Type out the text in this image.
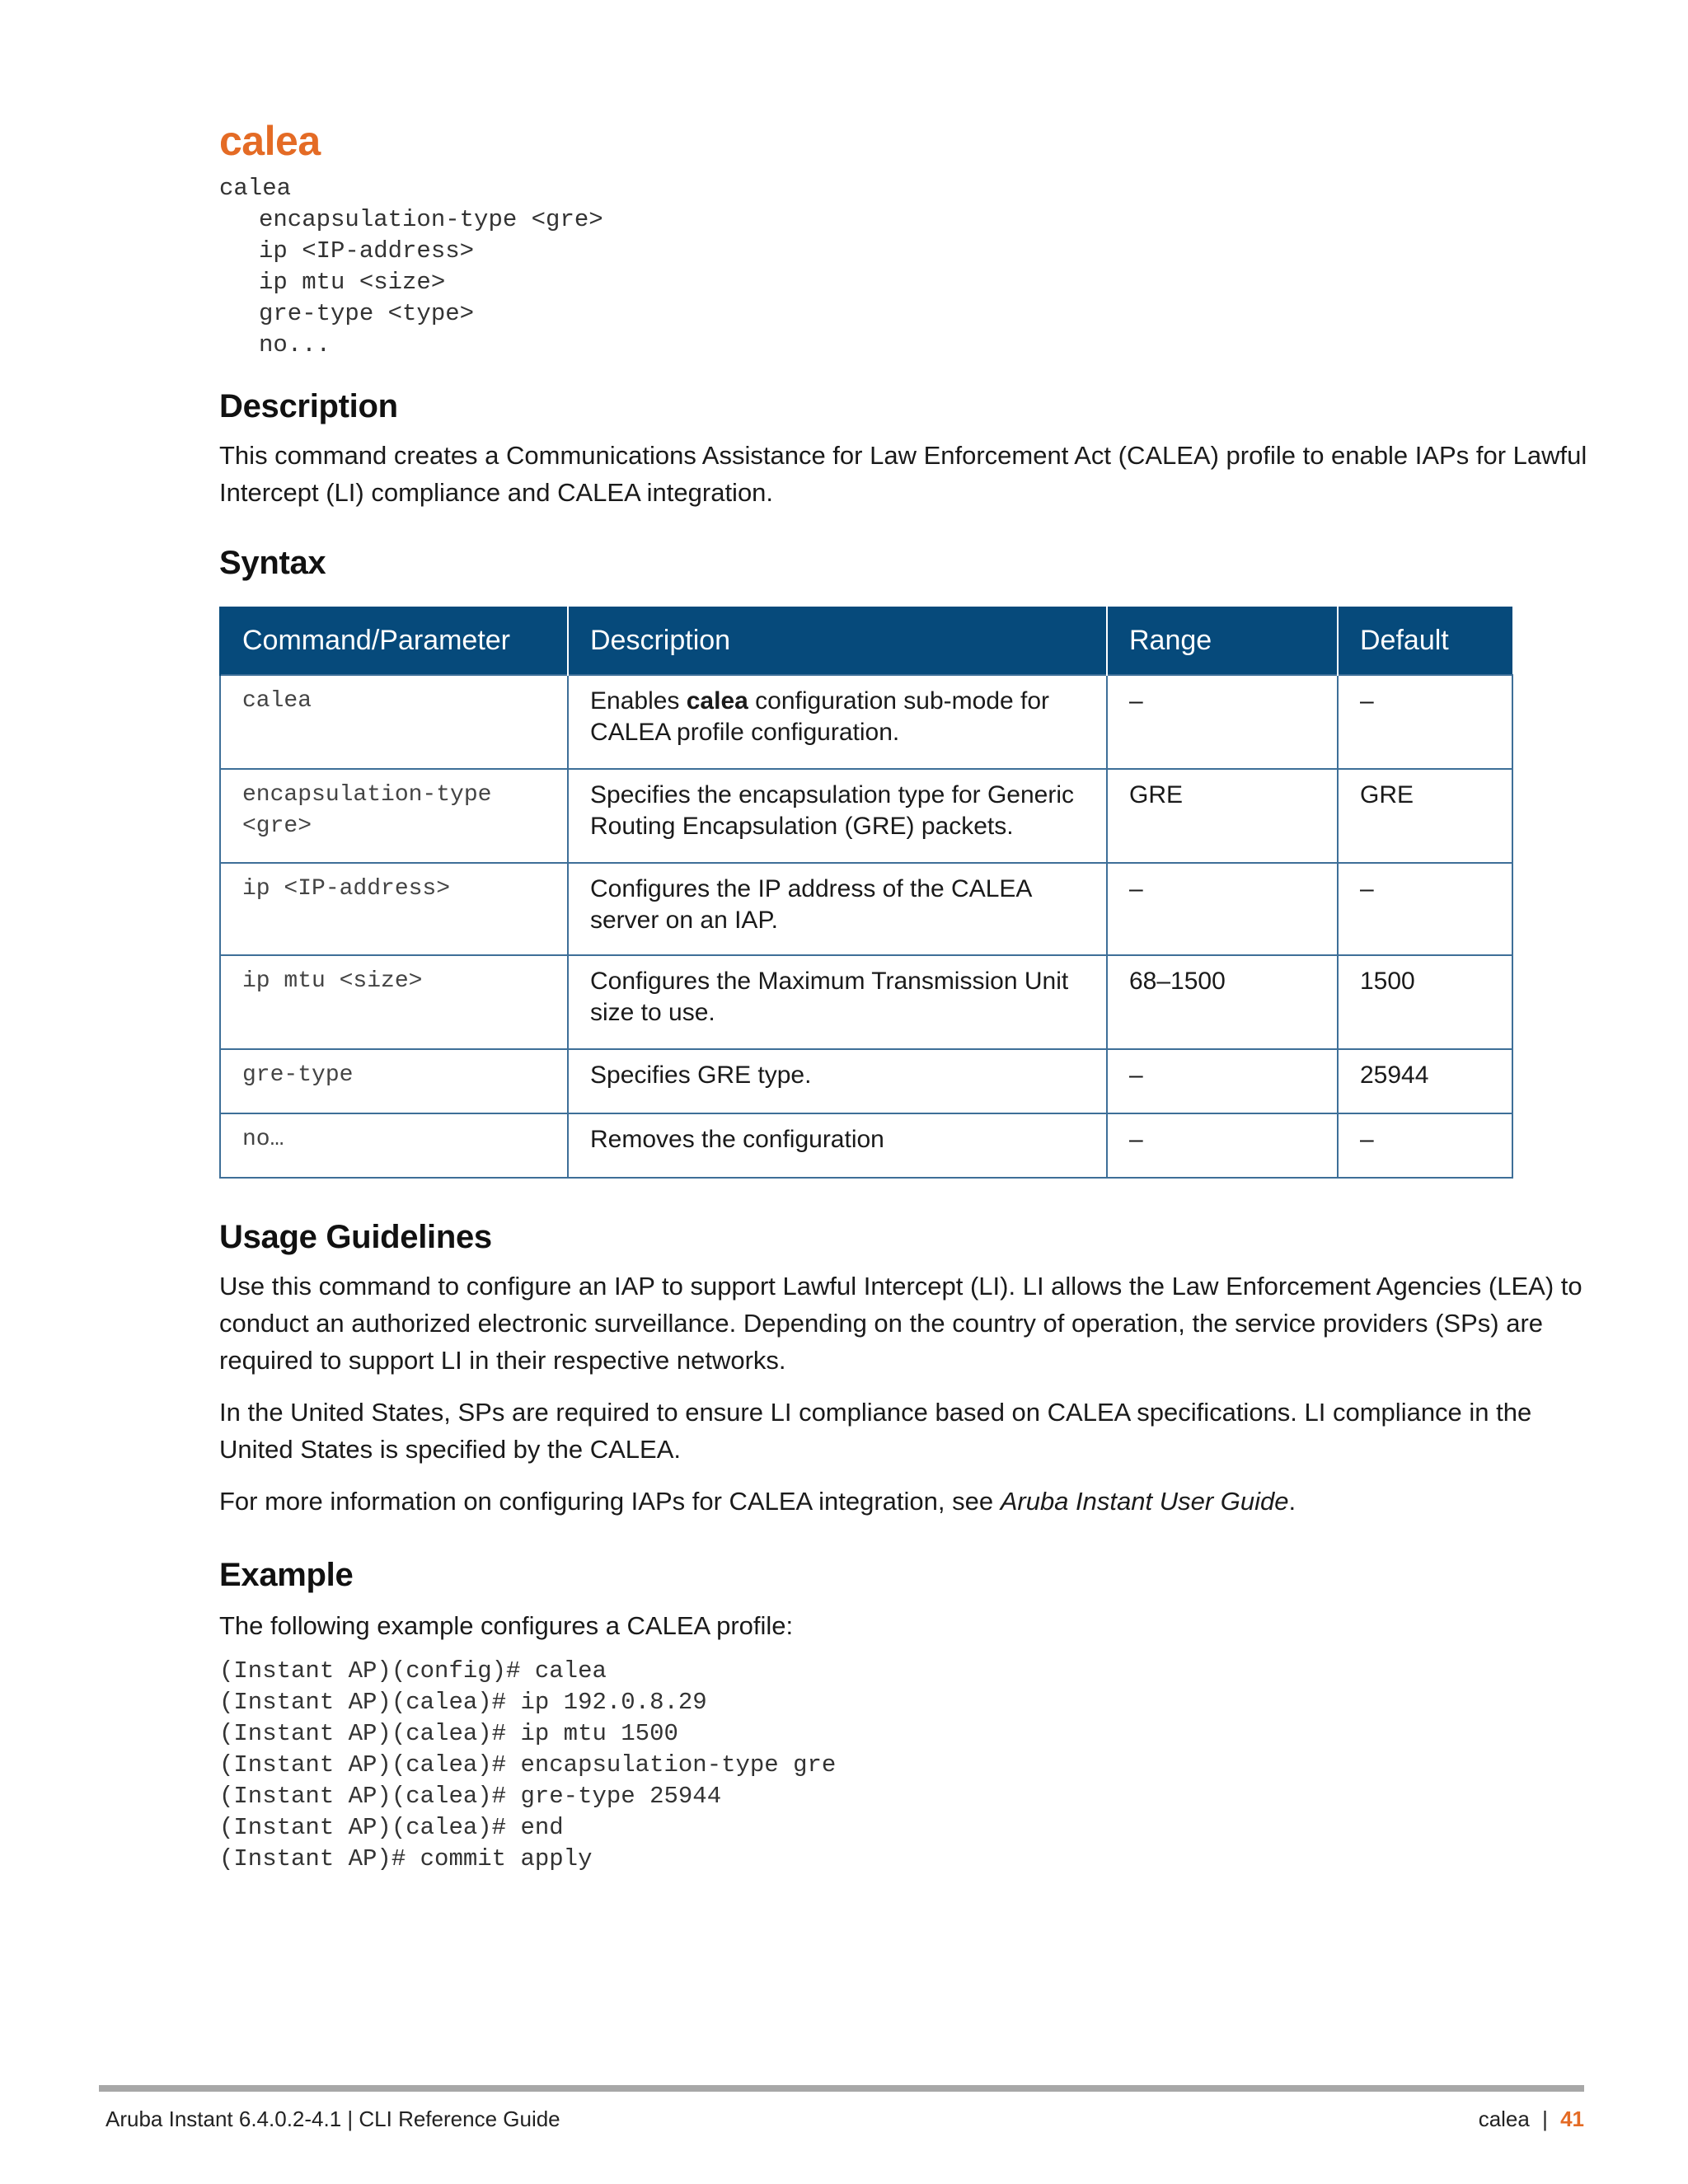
calea
calea
encapsulation-type <gre>
ip <IP-address>
ip mtu <size>
gre-type <type>
no...
Description

This command creates a Communications Assistance for Law Enforcement Act (CALEA) profile to enable IAPs for Lawful Intercept (LI) compliance and CALEA integration.

Syntax
Command/Parameter	Description	Range	Default
calea	Enables calea configuration sub-mode for CALEA profile configuration.	–	–
encapsulation-type <gre>	Specifies the encapsulation type for Generic Routing Encapsulation (GRE) packets.	GRE	GRE
ip <IP-address>	Configures the IP address of the CALEA server on an IAP.	–	–
ip mtu <size>	Configures the Maximum Transmission Unit size to use.	68–1500	1500
gre-type	Specifies GRE type.	–	25944
no…	Removes the configuration	–	–
Usage Guidelines

Use this command to configure an IAP to support Lawful Intercept (LI). LI allows the Law Enforcement Agencies (LEA) to conduct an authorized electronic surveillance. Depending on the country of operation, the service providers (SPs) are required to support LI in their respective networks.

In the United States, SPs are required to ensure LI compliance based on CALEA specifications. LI compliance in the United States is specified by the CALEA.

For more information on configuring IAPs for CALEA integration, see Aruba Instant User Guide.

Example

The following example configures a CALEA profile:

(Instant AP)(config)# calea
(Instant AP)(calea)# ip 192.0.8.29
(Instant AP)(calea)# ip mtu 1500
(Instant AP)(calea)# encapsulation-type gre
(Instant AP)(calea)# gre-type 25944
(Instant AP)(calea)# end
(Instant AP)# commit apply
Aruba Instant 6.4.0.2-4.1 | CLI Reference Guide	calea | 41
